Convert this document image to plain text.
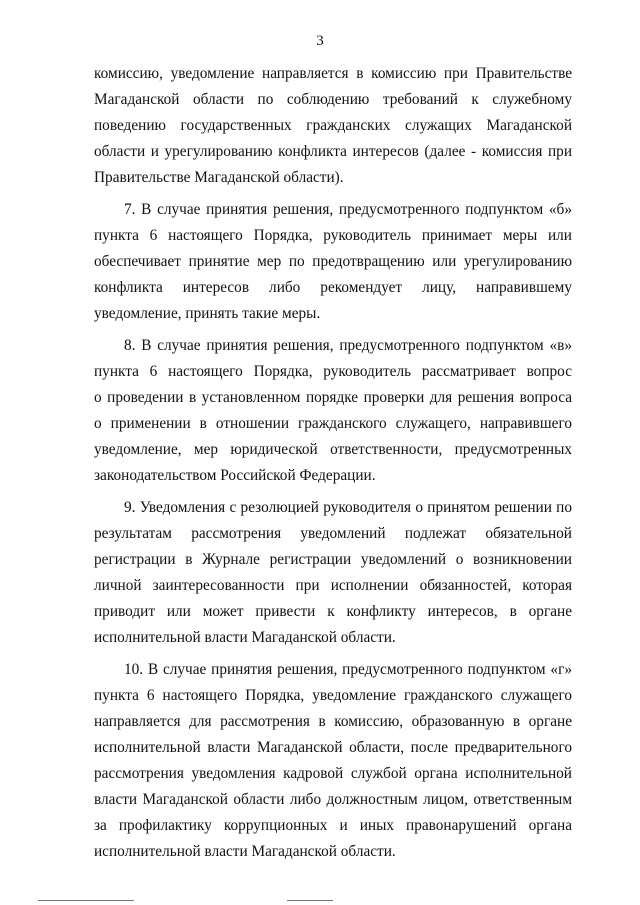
3

комиссию, уведомление направляется в комиссию при Правительстве
Магаданской области по соблюдению требований к служебному
поведению государственных гражданских служащих Магаданской
области и урегулированию конфликта интересов (далее - комиссия при
Правительстве Магаданской области).

7. В случае принятия решения, предусмотренного подпунктом «б»
пункта 6 настоящего Порядка, руководитель принимает меры или
обеспечивает принятие мер по предотвращению или урегулированию
конфликта интересов либо рекомендует лицу, направившему
уведомление, принять такие меры.

8. В случае принятия решения, предусмотренного подпунктом «в»
пункта 6 настоящего Порядка, руководитель рассматривает вопрос
о проведении в установленном порядке проверки для решения вопроса
о применении в отношении гражданского служащего, направившего
уведомление, мер юридической ответственности, предусмотренных
законодательством Российской Федерации.

9. Уведомления с резолюцией руководителя о принятом решении по
результатам рассмотрения уведомлений подлежат обязательной
регистрации в Журнале регистрации уведомлений о возникновении
личной заинтересованности при исполнении обязанностей, которая
приводит или может привести к конфликту интересов, в органе
исполнительной власти Магаданской области.

10. В случае принятия решения, предусмотренного подпунктом «г»
пункта 6 настоящего Порядка, уведомление гражданского служащего
направляется для рассмотрения в комиссию, образованную в органе
исполнительной власти Магаданской области, после предварительного
рассмотрения уведомления кадровой службой органа исполнительной
власти Магаданской области либо должностным лицом, ответственным
за профилактику коррупционных и иных правонарушений органа
исполнительной власти Магаданской области.
